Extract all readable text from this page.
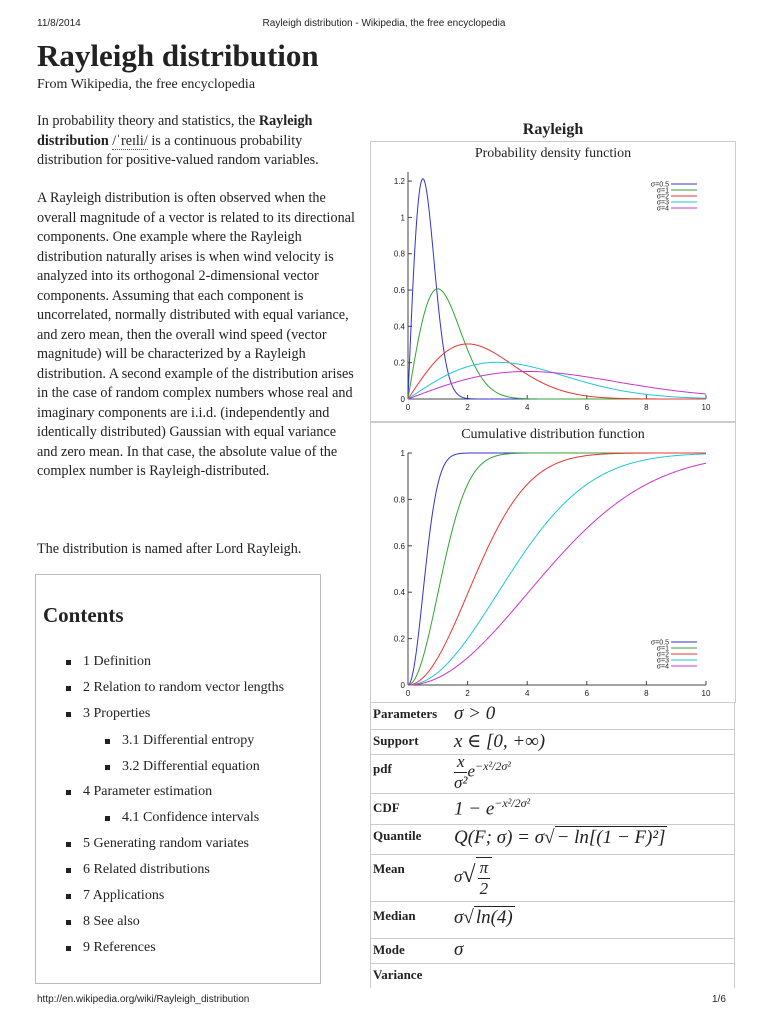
11/8/2014	Rayleigh distribution - Wikipedia, the free encyclopedia
Rayleigh distribution
From Wikipedia, the free encyclopedia

In probability theory and statistics, the Rayleigh distribution /ˈreɪli/ is a continuous probability distribution for positive-valued random variables.

A Rayleigh distribution is often observed when the overall magnitude of a vector is related to its directional components. One example where the Rayleigh distribution naturally arises is when wind velocity is analyzed into its orthogonal 2-dimensional vector components. Assuming that each component is uncorrelated, normally distributed with equal variance, and zero mean, then the overall wind speed (vector magnitude) will be characterized by a Rayleigh distribution. A second example of the distribution arises in the case of random complex numbers whose real and imaginary components are i.i.d. (independently and identically distributed) Gaussian with equal variance and zero mean. In that case, the absolute value of the complex number is Rayleigh-distributed.

The distribution is named after Lord Rayleigh.

Contents
1 Definition
2 Relation to random vector lengths
3 Properties
3.1 Differential entropy
3.2 Differential equation
4 Parameter estimation
4.1 Confidence intervals
5 Generating random variates
6 Related distributions
7 Applications
8 See also
9 References
Rayleigh
Probability density function
0	2	4	6	8	10
0
0.2
0.4
0.6
0.8
1
1.2	σ=0.5
σ=1
σ=2
σ=3
σ=4
Cumulative distribution function
0	2	4	6	8	10
0
0.2
0.4
0.6
0.8
1
σ=0.5
σ=1
σ=2
σ=3
σ=4
Parameters σ > 0
Support x ∈ [0, +∞)
pdf	$\frac{x}{\text{σ²}} e^{-x^2/2\sigma^2}$
CDF	$1 - e^{-x^2/2\sigma^2}$
Quantile Q(F; σ) = σ√ − ln[(1 − F)²]
Mean	$\sigma√ \frac{\pi}{2}$
Median σ√ ln(4)
Mode	σ
Variance
http://en.wikipedia.org/wiki/Rayleigh_distribution	1/6
